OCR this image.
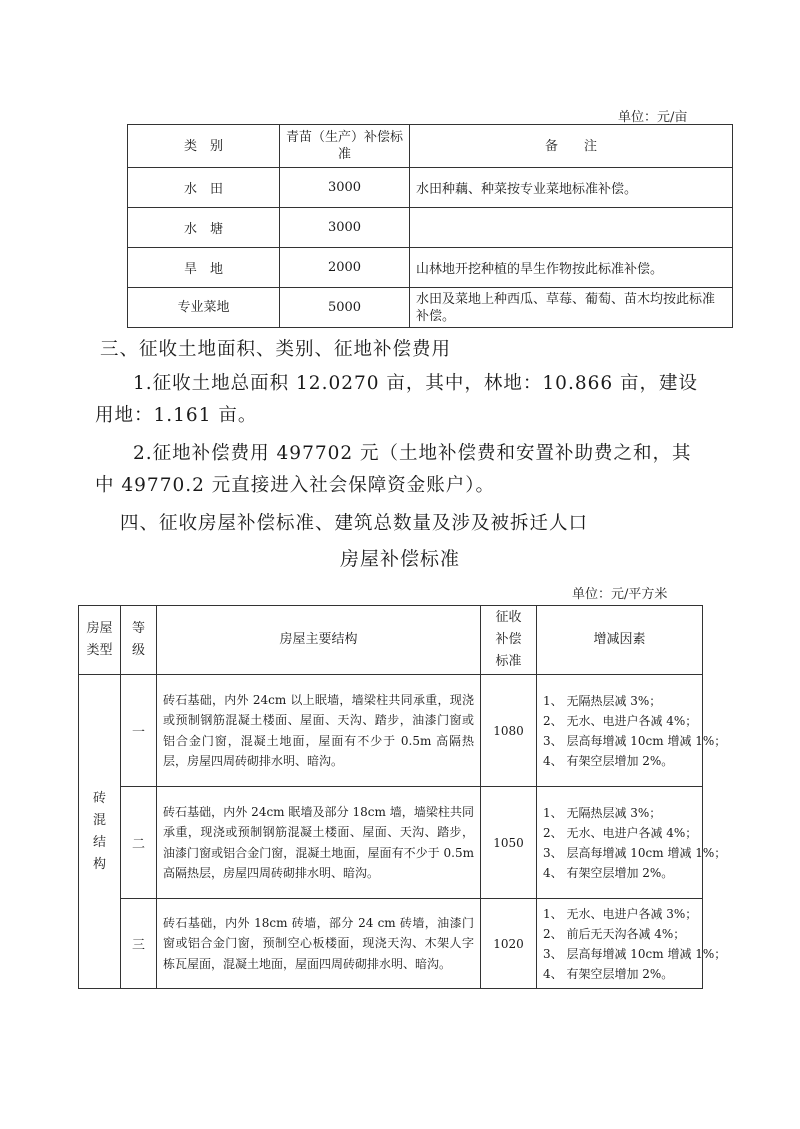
单位：元/亩
类　别	青苗（生产）补偿标准	备　　注
水　田	3000	水田种藕、种菜按专业菜地标准补偿。
水　塘	3000	
旱　地	2000	山林地开挖种植的旱生作物按此标准补偿。
专业菜地	5000	水田及菜地上种西瓜、草莓、葡萄、苗木均按此标准补偿。
三、征收土地面积、类别、征地补偿费用
1.征收土地总面积 12.0270 亩，其中，林地：10.866 亩，建设用地：1.161 亩。
2.征地补偿费用 497702 元（土地补偿费和安置补助费之和，其中 49770.2 元直接进入社会保障资金账户）。
四、征收房屋补偿标准、建筑总数量及涉及被拆迁人口
房屋补偿标准
单位：元/平方米
房屋类型	等级	房屋主要结构	征收补偿标准	增减因素
砖混结构	一	砖石基础，内外 24cm 以上眠墙，墙梁柱共同承重，现浇或预制钢筋混凝土楼面、屋面、天沟、踏步，油漆门窗或铝合金门窗，混凝土地面，屋面有不少于 0.5m 高隔热层，房屋四周砖砌排水明、暗沟。	1080	1、 无隔热层减 3%；
2、 无水、电进户各减 4%；
3、 层高每增减 10cm 增减 1%；
4、 有架空层增加 2%。

	二	砖石基础，内外 24cm 眠墙及部分 18cm 墙，墙梁柱共同承重，现浇或预制钢筋混凝土楼面、屋面、天沟、踏步，油漆门窗或铝合金门窗，混凝土地面，屋面有不少于 0.5m 高隔热层，房屋四周砖砌排水明、暗沟。	1050	1、 无隔热层减 3%；
2、 无水、电进户各减 4%；
3、 层高每增减 10cm 增减 1%；
4、 有架空层增加 2%。

	三	砖石基础，内外 18cm 砖墙，部分 24 cm 砖墙，油漆门窗或铝合金门窗，预制空心板楼面，现浇天沟、木架人字栋瓦屋面，混凝土地面，屋面四周砖砌排水明、暗沟。	1020	1、 无水、电进户各减 3%；
2、 前后无天沟各减 4%；
3、 层高每增减 10cm 增减 1%；
4、 有架空层增加 2%。
